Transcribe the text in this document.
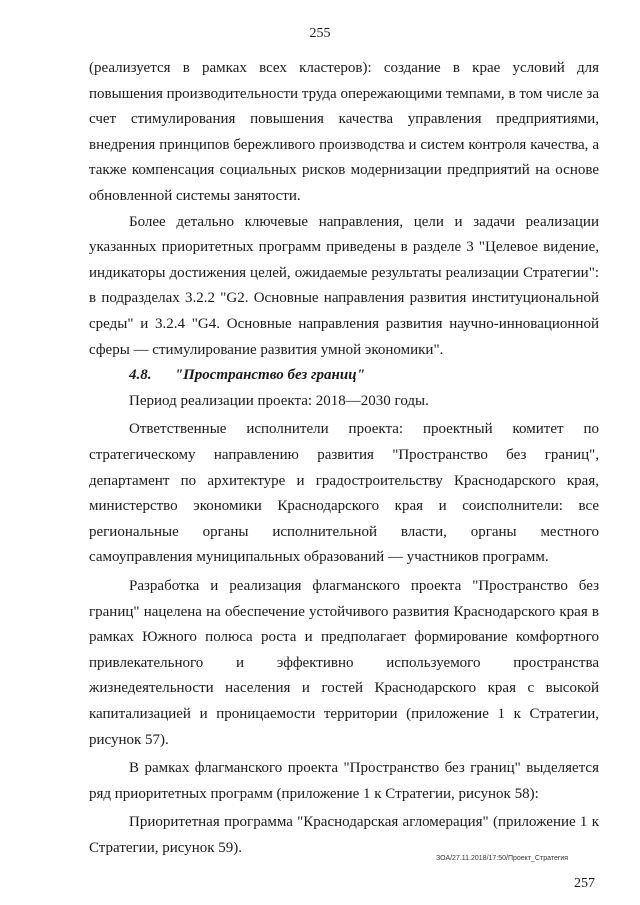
255

(реализуется в рамках всех кластеров): создание в крае условий для повышения производительности труда опережающими темпами, в том числе за счет стимулирования повышения качества управления предприятиями, внедрения принципов бережливого производства и систем контроля качества, а также компенсация социальных рисков модернизации предприятий на основе обновленной системы занятости.

Более детально ключевые направления, цели и задачи реализации указанных приоритетных программ приведены в разделе 3 "Целевое видение, индикаторы достижения целей, ожидаемые результаты реализации Стратегии": в подразделах 3.2.2 "G2. Основные направления развития институциональной среды" и 3.2.4 "G4. Основные направления развития научно-инновационной сферы — стимулирование развития умной экономики".

4.8. "Пространство без границ"

Период реализации проекта: 2018—2030 годы.

Ответственные исполнители проекта: проектный комитет по стратегическому направлению развития "Пространство без границ", департамент по архитектуре и градостроительству Краснодарского края, министерство экономики Краснодарского края и соисполнители: все региональные органы исполнительной власти, органы местного самоуправления муниципальных образований — участников программ.

Разработка и реализация флагманского проекта "Пространство без границ" нацелена на обеспечение устойчивого развития Краснодарского края в рамках Южного полюса роста и предполагает формирование комфортного привлекательного и эффективно используемого пространства жизнедеятельности населения и гостей Краснодарского края с высокой капитализацией и проницаемости территории (приложение 1 к Стратегии, рисунок 57).

В рамках флагманского проекта "Пространство без границ" выделяется ряд приоритетных программ (приложение 1 к Стратегии, рисунок 58):

Приоритетная программа "Краснодарская агломерация" (приложение 1 к Стратегии, рисунок 59).

ЗОА/27.11.2018/17:50/Проект_Стратегия
257
